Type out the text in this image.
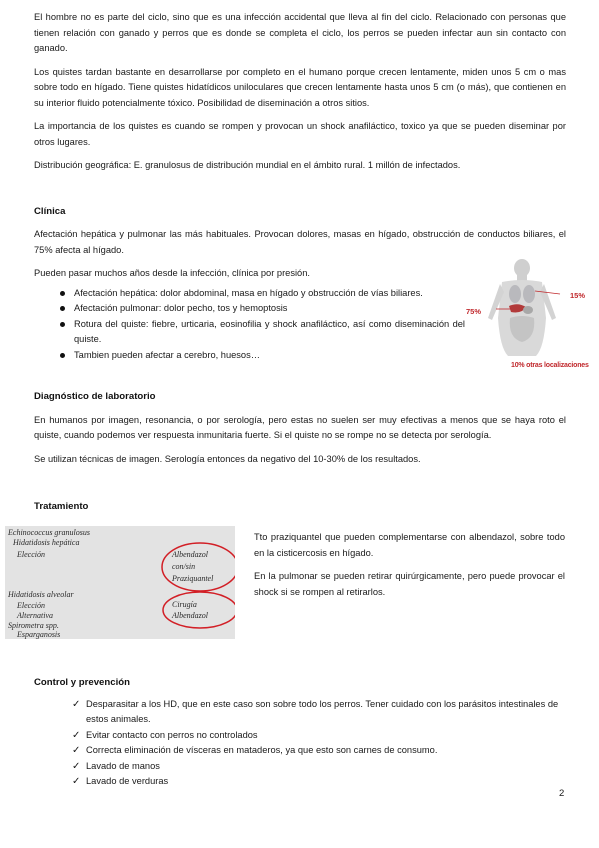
El hombre no es parte del ciclo, sino que es una infección accidental que lleva al fin del ciclo. Relacionado con personas que tienen relación con ganado y perros que es donde se completa el ciclo, los perros se pueden infectar aun sin contacto con ganado.

Los quistes tardan bastante en desarrollarse por completo en el humano porque crecen lentamente, miden unos 5 cm o mas sobre todo en hígado. Tiene quistes hidatídicos uniloculares que crecen lentamente hasta unos 5 cm (o más), que contienen en su interior fluido potencialmente tóxico. Posibilidad de diseminación a otros sitios.

La importancia de los quistes es cuando se rompen y provocan un shock anafiláctico, toxico ya que se pueden diseminar por otros lugares.

Distribución geográfica: E. granulosus de distribución mundial en el ámbito rural. 1 millón de infectados.

Clínica

Afectación hepática y pulmonar las más habituales. Provocan dolores, masas en hígado, obstrucción de conductos biliares, el 75% afecta al hígado.

Pueden pasar muchos años desde la infección, clínica por presión.

Afectación hepática: dolor abdominal, masa en hígado y obstrucción de vías biliares.
Afectación pulmonar: dolor pecho, tos y hemoptosis
Rotura del quiste: fiebre, urticaria, eosinofilia y shock anafiláctico, así como diseminación del quiste.
Tambien pueden afectar a cerebro, huesos…
Diagnóstico de laboratorio

En humanos por imagen, resonancia, o por serología, pero estas no suelen ser muy efectivas a menos que se haya roto el quiste, cuando podemos ver respuesta inmunitaria fuerte. Si el quiste no se rompe no se detecta por serología.

Se utilizan técnicas de imagen. Serología entonces da negativo del 10-30% de los resultados.

Tratamiento
75%
15%
10% otras localizaciones
Echinococcus granulosus
Hidatidosis hepática
Elección	Albendazol
con/sin
Praziquantel
Hidatidosis alveolar
Elección
Alternativa
Cirugía
Albendazol
Spirometra spp.
Esparganosis

Tto praziquantel que pueden complementarse con albendazol, sobre todo en la cisticercosis en hígado.

En la pulmonar se pueden retirar quirúrgicamente, pero puede provocar el shock si se rompen al retirarlos.

Control y prevención
✓ Desparasitar a los HD, que en este caso son sobre todo los perros. Tener cuidado con los parásitos intestinales de estos animales.
✓ Evitar contacto con perros no controlados
✓ Correcta eliminación de vísceras en mataderos, ya que esto son carnes de consumo.
✓ Lavado de manos
✓ Lavado de verduras
2
